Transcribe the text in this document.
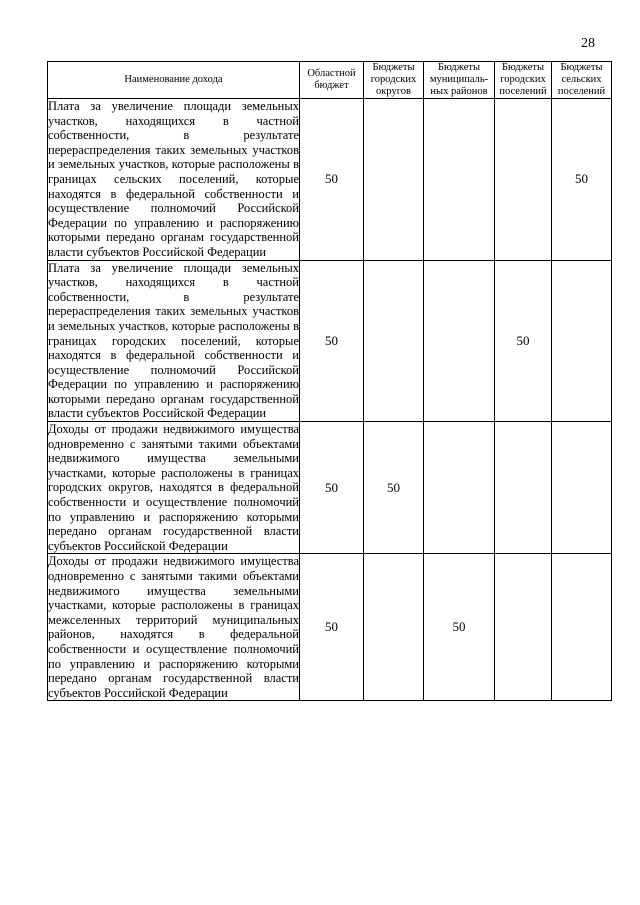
28
Наименование дохода	Областной бюджет	Бюджеты городских округов	Бюджеты муниципаль-ных районов	Бюджеты городских поселений	Бюджеты сельских поселений
Плата за увеличение площади земельных участков, находящихся в частной собственности, в результате перераспределения таких земельных участков и земельных участков, которые расположены в границах сельских поселений, которые находятся в федеральной собственности и осуществление полномочий Российской Федерации по управлению и распоряжению которыми передано органам государственной власти субъектов Российской Федерации	50				50
Плата за увеличение площади земельных участков, находящихся в частной собственности, в результате перераспределения таких земельных участков и земельных участков, которые расположены в границах городских поселений, которые находятся в федеральной собственности и осуществление полномочий Российской Федерации по управлению и распоряжению которыми передано органам государственной власти субъектов Российской Федерации	50			50	
Доходы от продажи недвижимого имущества одновременно с занятыми такими объектами недвижимого имущества земельными участками, которые расположены в границах городских округов, находятся в федеральной собственности и осуществление полномочий по управлению и распоряжению которыми передано органам государственной власти субъектов Российской Федерации	50	50			
Доходы от продажи недвижимого имущества одновременно с занятыми такими объектами недвижимого имущества земельными участками, которые расположены в границах межселенных территорий муниципальных районов, находятся в федеральной собственности и осуществление полномочий по управлению и распоряжению которыми передано органам государственной власти субъектов Российской Федерации	50		50		
